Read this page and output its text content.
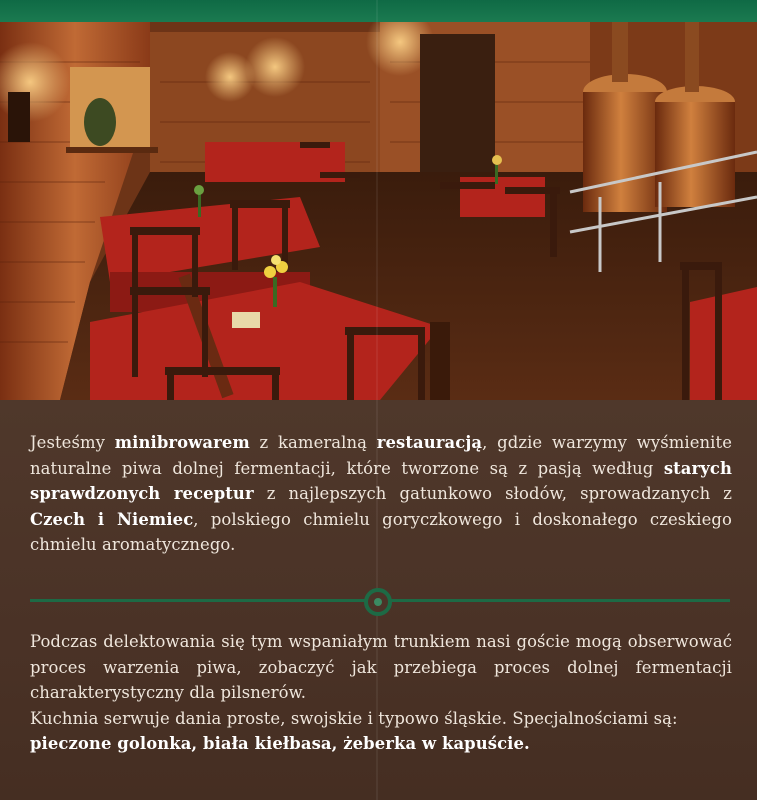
Jesteśmy minibrowarem z kameralną restauracją, gdzie warzymy wyśmienite naturalne piwa dolnej fermentacji, które tworzone są z pasją według starych sprawdzonych receptur z najlepszych gatunkowo słodów, sprowadzanych z Czech i Niemiec, polskiego chmielu goryczkowego i doskonałego czeskiego chmielu aromatycznego.
Podczas delektowania się tym wspaniałym trunkiem nasi goście mogą obserwować proces warzenia piwa, zobaczyć jak przebiega proces dolnej fermentacji charakterystyczny dla pilsnerów.
Kuchnia serwuje dania proste, swojskie i typowo śląskie. Specjalnościami są:
pieczone golonka, biała kiełbasa, żeberka w kapuście.
